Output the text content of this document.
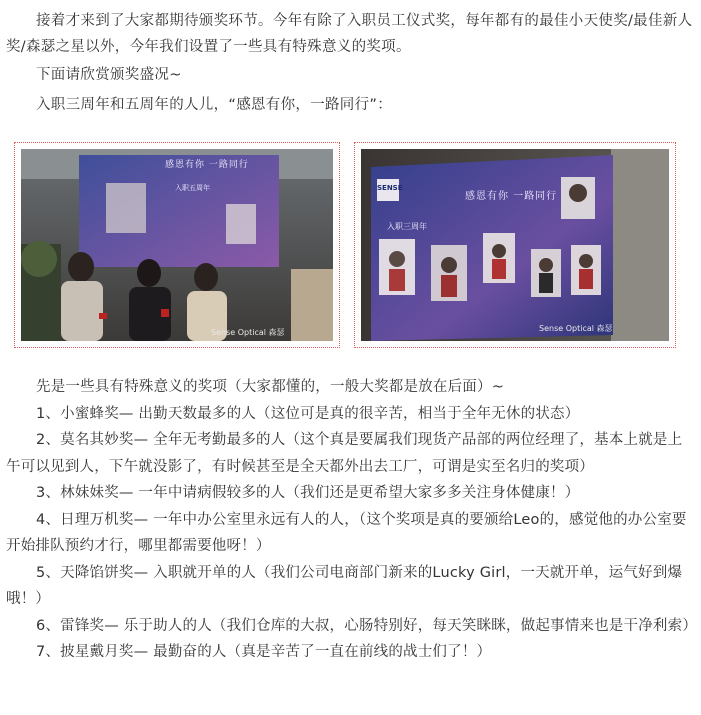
接着才来到了大家都期待颁奖环节。今年有除了入职员工仪式奖，每年都有的最佳小天使奖/最佳新人奖/森瑟之星以外，今年我们设置了一些具有特殊意义的奖项。

下面请欣赏颁奖盛况~

入职三周年和五周年的人儿，“感恩有你，一路同行”：

感恩有你 一路同行
入职五周年
Sense Optical 森瑟
SENSE
感恩有你 一路同行
入职三周年
Sense Optical 森瑟

先是一些具有特殊意义的奖项（大家都懂的，一般大奖都是放在后面）~

1、小蜜蜂奖— 出勤天数最多的人（这位可是真的很辛苦，相当于全年无休的状态）

2、莫名其妙奖— 全年无考勤最多的人（这个真是要属我们现货产品部的两位经理了，基本上就是上午可以见到人，下午就没影了，有时候甚至是全天都外出去工厂，可谓是实至名归的奖项）

3、林妹妹奖— 一年中请病假较多的人（我们还是更希望大家多多关注身体健康！）

4、日理万机奖— 一年中办公室里永远有人的人，（这个奖项是真的要颁给Leo的，感觉他的办公室要开始排队预约才行，哪里都需要他呀！）

5、天降馅饼奖— 入职就开单的人（我们公司电商部门新来的Lucky Girl，一天就开单，运气好到爆哦！）

6、雷锋奖— 乐于助人的人（我们仓库的大叔，心肠特别好，每天笑眯眯，做起事情来也是干净利索）

7、披星戴月奖— 最勤奋的人（真是辛苦了一直在前线的战士们了！）
